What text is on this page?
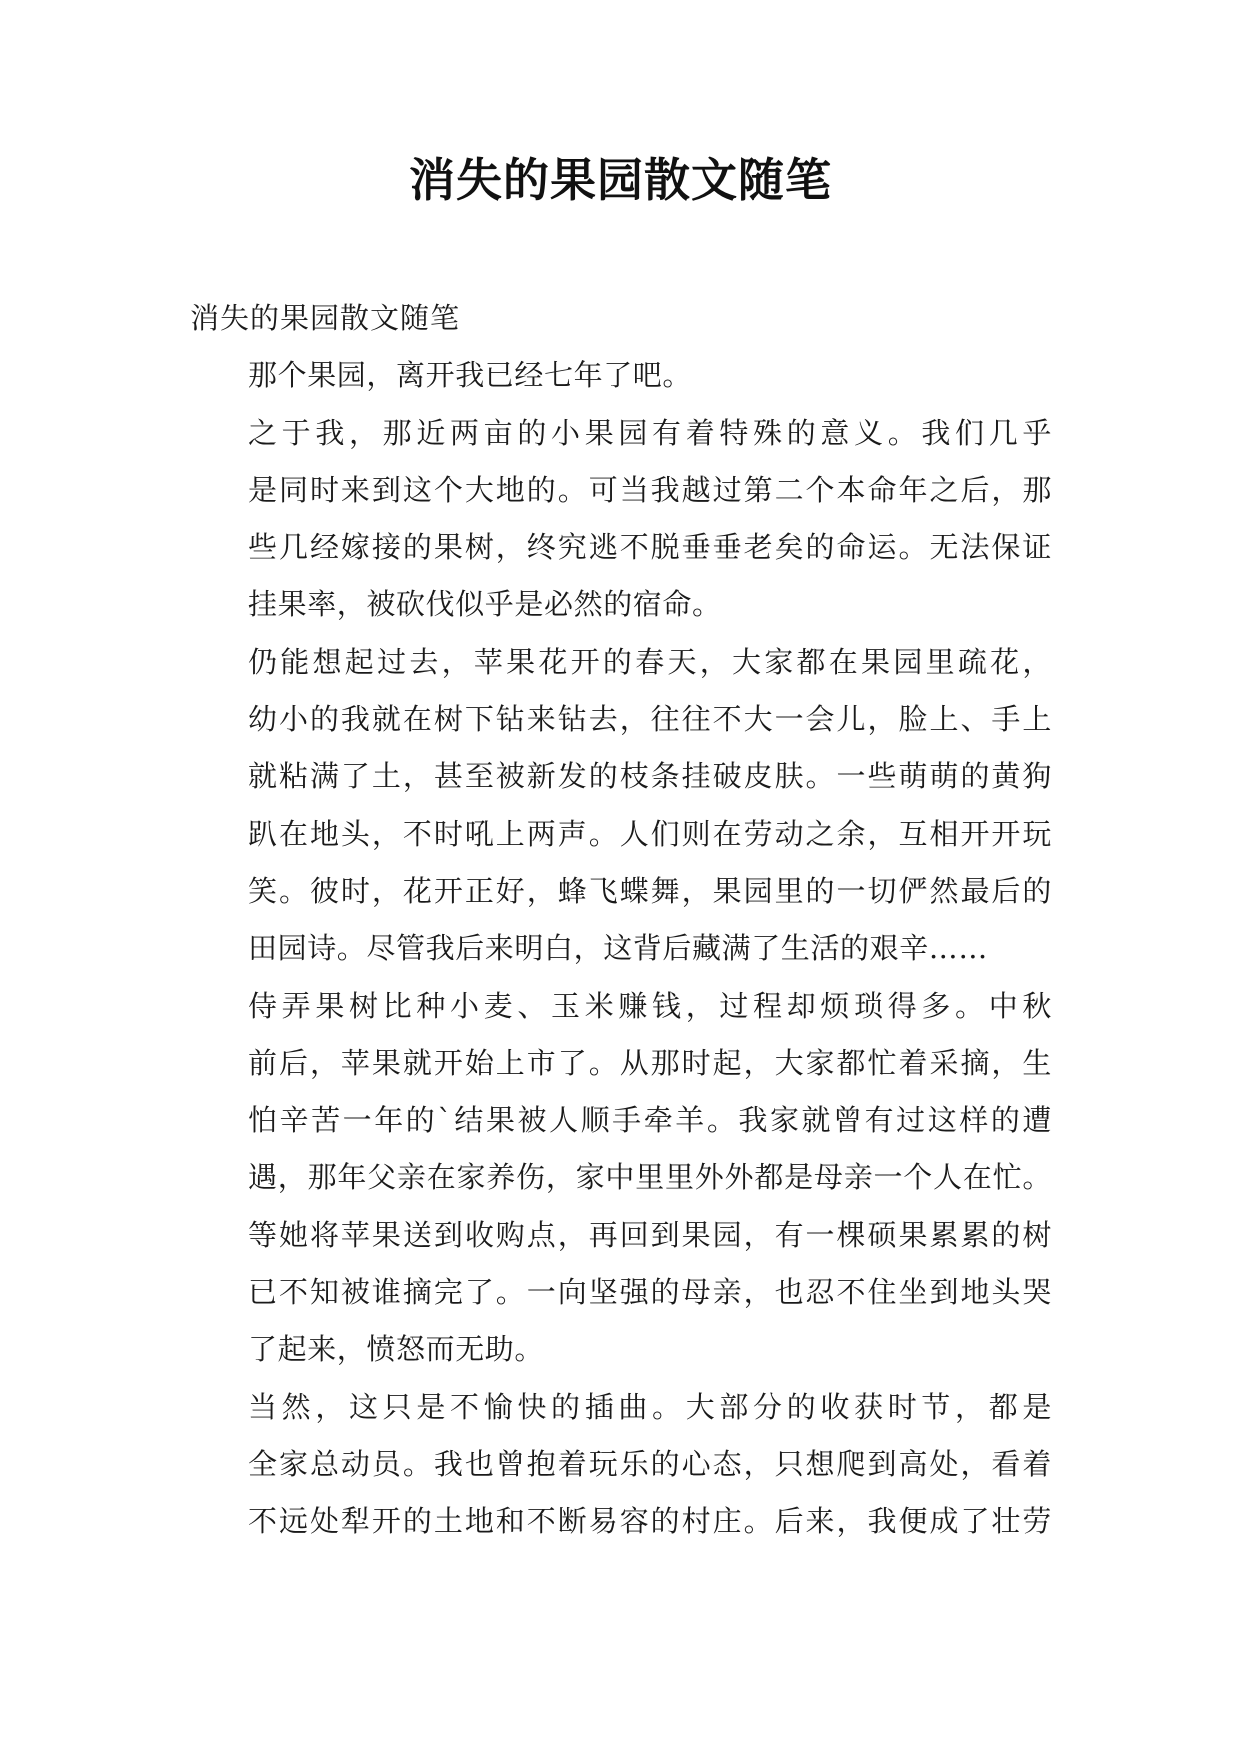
消失的果园散文随笔

消失的果园散文随笔

那个果园，离开我已经七年了吧。

之于我，那近两亩的小果园有着特殊的意义。我们几乎
是同时来到这个大地的。可当我越过第二个本命年之后，那
些几经嫁接的果树，终究逃不脱垂垂老矣的命运。无法保证
挂果率，被砍伐似乎是必然的宿命。

仍能想起过去，苹果花开的春天，大家都在果园里疏花，
幼小的我就在树下钻来钻去，往往不大一会儿，脸上、手上
就粘满了土，甚至被新发的枝条挂破皮肤。一些萌萌的黄狗
趴在地头，不时吼上两声。人们则在劳动之余，互相开开玩
笑。彼时，花开正好，蜂飞蝶舞，果园里的一切俨然最后的
田园诗。尽管我后来明白，这背后藏满了生活的艰辛……

侍弄果树比种小麦、玉米赚钱，过程却烦琐得多。中秋
前后，苹果就开始上市了。从那时起，大家都忙着采摘，生
怕辛苦一年的`结果被人顺手牵羊。我家就曾有过这样的遭
遇，那年父亲在家养伤，家中里里外外都是母亲一个人在忙。
等她将苹果送到收购点，再回到果园，有一棵硕果累累的树
已不知被谁摘完了。一向坚强的母亲，也忍不住坐到地头哭
了起来，愤怒而无助。

当然，这只是不愉快的插曲。大部分的收获时节，都是
全家总动员。我也曾抱着玩乐的心态，只想爬到高处，看着
不远处犁开的土地和不断易容的村庄。后来，我便成了壮劳
